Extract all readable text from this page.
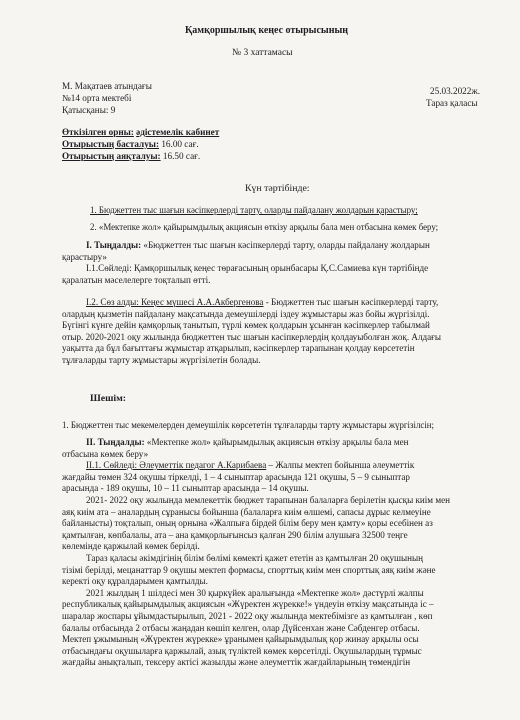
Қамқоршылық кеңес отырысының
№ 3 хаттамасы
М. Мақатаев атындағы
№14 орта мектебі
Қатысқаны: 9
25.03.2022ж.
Тараз қаласы
Өткізілген орны: әдістемелік кабинет
Отырыстың басталуы: 16.00 сағ.
Отырыстың аяқталуы: 16.50 сағ.
Күн тәртібінде:
1. Бюджеттен тыс шағын кәсіпкерлерді тарту, оларды пайдалану жолдарын қарастыру;
2. «Мектепке жол» қайырымдылық акциясын өткізу арқылы бала мен отбасына көмек беру;
І. Тыңдалды: «Бюджеттен тыс шағын кәсіпкерлерді тарту, оларды пайдалану жолдарын
қарастыру»
І.1.Сөйледі: Қамқоршылық кеңес төрағасының орынбасары Қ.С.Самиева күн тәртібінде
қаралатын мәселелерге тоқталып өтті.
І.2. Сөз алды: Кеңес мүшесі А.А.Акбергенова - Бюджеттен тыс шағын кәсіпкерлерді тарту,
олардың қызметін пайдалану мақсатында демеушілерді іздеу жұмыстары жаз бойы жүргізілді.
Бүгінгі күнге дейін қамқорлық танытып, түрлі көмек қолдарын ұсынған кәсіпкерлер табылмай
отыр. 2020-2021 оқу жылында бюджеттен тыс шағын кәсіпкерлердің қолдауыболған жоқ. Алдағы
уақытта да бұл бағыттағы жұмыстар атқарылып, кәсіпкерлер тарапынан қолдау көрсететін
тұлғаларды тарту жұмыстары жүргізілетін болады.
Шешім:
1. Бюджеттен тыс мекемелерден демеушілік көрсететін тұлғаларды тарту жұмыстары жүргізілсін;
ІІ. Тыңдалды: «Мектепке жол» қайырымдылық акциясын өткізу арқылы бала мен
отбасына көмек беру»
ІІ.1. Сөйледі: Әлеуметтік педагог А.Карибаева – Жалпы мектеп бойынша әлеуметтік
жағдайы төмен 324 оқушы тіркелді, 1 – 4 сыныптар арасында 121 оқушы, 5 – 9 сыныптар
арасында - 189 оқушы, 10 – 11 сыныптар арасында – 14 оқушы.
2021- 2022 оқу жылында мемлекеттік бюджет тарапынан балаларға берілетін қысқы киім мен
аяқ киім ата – аналардың сұранысы бойынша (балаларға киім өлшемі, сапасы дұрыс келмеуіне
байланысты) тоқталып, оның орнына «Жалпыға бірдей білім беру мен қамту» қоры есебінен аз
қамтылған, көпбалалы, ата – ана қамқорлығынсыз қалған 290 білім алушыға 32500 теңге
көлемінде қаржылай көмек берілді.
Тараз қаласы әкімдігінің білім бөлімі көмекті қажет ететін аз қамтылған 20 оқушының
тізімі берілді, мецанаттар 9 оқушы мектеп формасы, спорттық киім мен спорттық аяқ киім және
керекті оқу құралдарымен қамтылды.
2021 жылдың 1 шілдесі мен 30 қыркүйек аралығында «Мектепке жол» дәстүрлі жалпы
республикалық қайырымдылық акциясын «Жүректен жүрекке!» үндеуін өткізу мақсатында іс –
шаралар жоспары ұйымдастырылып, 2021 - 2022 оқу жылында мектебімізге аз қамтылған , көп
балалы отбасында 2 отбасы жаңадан көшіп келген, олар Дүйсенхан және Сәбденгер отбасы.
Мектеп ұжымының «Жүректен жүрекке» ұранымен қайырымдылық қор жинау арқылы осы
отбасындағы оқушыларға қаржылай, азық түліктей көмек көрсетілді. Оқушылардың тұрмыс
жағдайы анықталып, тексеру актісі жазылды және әлеуметтік жағдайларының төмендігін
